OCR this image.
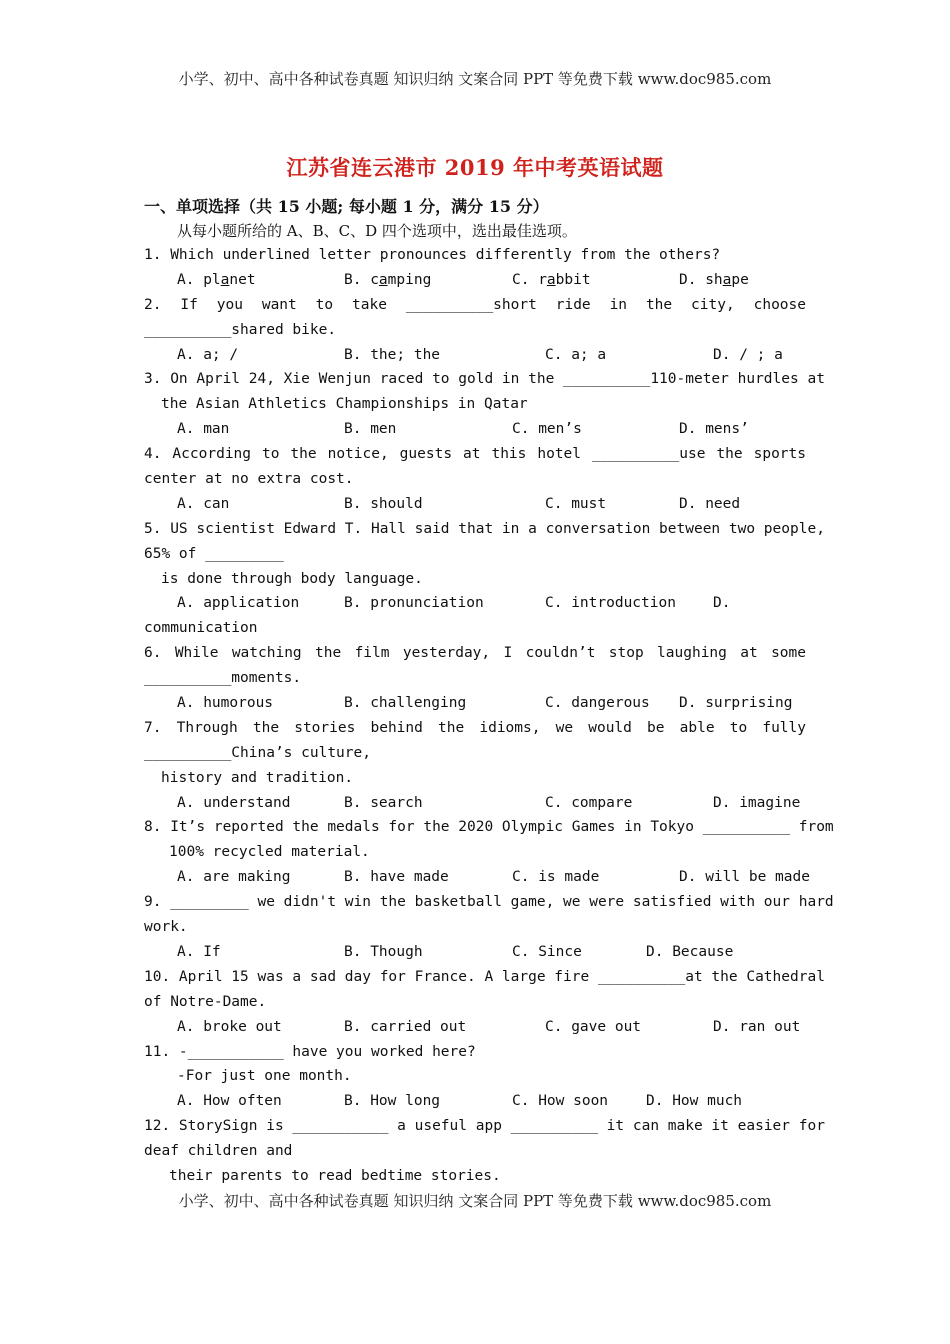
小学、初中、高中各种试卷真题 知识归纳 文案合同 PPT 等免费下载 www.doc985.com
江苏省连云港市 2019 年中考英语试题
一、单项选择（共 15 小题; 每小题 1 分，满分 15 分）
从每小题所给的 A、B、C、D 四个选项中，选出最佳选项。
1. Which underlined letter pronounces differently from the others?

A. planet

	B. camping

	C. rabbit

	D. shape

2. If you want to take __________short ride in the city, choose
__________shared bike.

A. a; /

	B. the; the

	C. a; a

	D. / ; a

3. On April 24, Xie Wenjun raced to gold in the __________110-meter hurdles at
the Asian Athletics Championships in Qatar

A. man

	B. men

	C. men’s

	D. mens’

4. According to the notice, guests at this hotel __________use the sports
center at no extra cost.

A. can

	B. should

	C. must

	D. need

5. US scientist Edward T. Hall said that in a conversation between two people,
65% of _________
is done through body language.

A. application

	B. pronunciation

	C. introduction

	D.

communication
6. While watching the film yesterday, I couldn’t stop laughing at some
__________moments.

A. humorous

	B. challenging

	C. dangerous

D. surprising

7. Through the stories behind the idioms, we would be able to fully
__________China’s culture,
history and tradition.

A. understand

	B. search

	C. compare

	D. imagine

8. It’s reported the medals for the 2020 Olympic Games in Tokyo __________ from
100% recycled material.

A. are making

	B. have made

	C. is made

	D. will be made

9. _________ we didn't win the basketball game, we were satisfied with our hard
work.

A. If

	B. Though

	C. Since

	D. Because

10. April 15 was a sad day for France. A large fire __________at the Cathedral
of Notre-Dame.

A. broke out

	B. carried out

	C. gave out

	D. ran out

11. -___________ have you worked here?
-For just one month.

A. How often

	B. How long

	C. How soon

	D. How much

12. StorySign is ___________ a useful app __________ it can make it easier for
deaf children and
their parents to read bedtime stories.
小学、初中、高中各种试卷真题 知识归纳 文案合同 PPT 等免费下载 www.doc985.com
